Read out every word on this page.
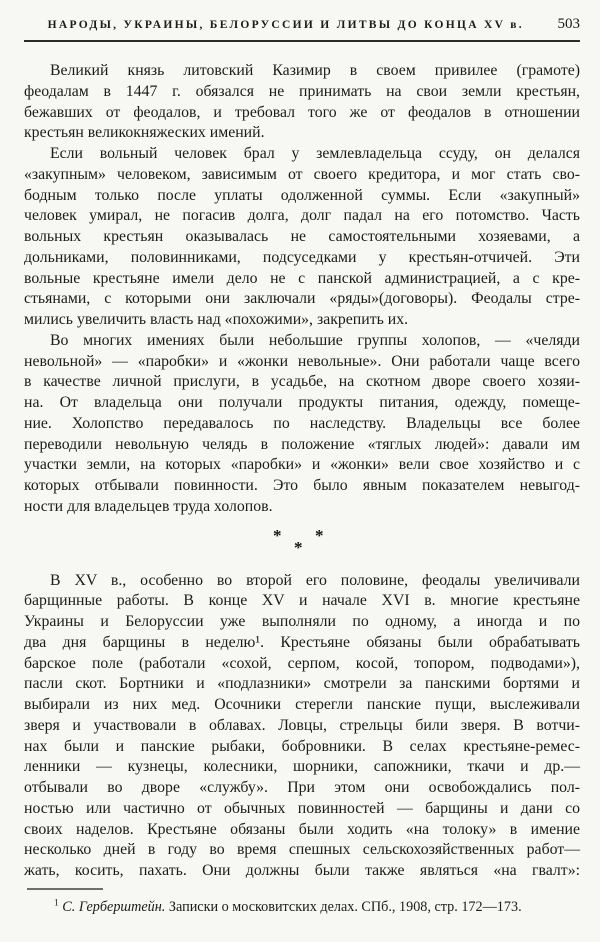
НАРОДЫ, УКРАИНЫ, БЕЛОРУССИИ И ЛИТВЫ ДО КОНЦА XV в.	503
Великий князь литовский Казимир в своем привилее (грамоте)
феодалам в 1447 г. обязался не принимать на свои земли крестьян,
бежавших от феодалов, и требовал того же от феодалов в отношении
крестьян великокняжеских имений.
Если вольный человек брал у землевладельца ссуду, он делался
«закупным» человеком, зависимым от своего кредитора, и мог стать сво-
бодным только после уплаты одолженной суммы. Если «закупный»
человек умирал, не погасив долга, долг падал на его потомство. Часть
вольных крестьян оказывалась не самостоятельными хозяевами, а
дольниками, половинниками, подсуседками у крестьян-отчичей. Эти
вольные крестьяне имели дело не с панской администрацией, а с кре-
стьянами, с которыми они заключали «ряды»(договоры). Феодалы стре-
мились увеличить власть над «похожими», закрепить их.
Во многих имениях были небольшие группы холопов, — «челяди
невольной» — «паробки» и «жонки невольные». Они работали чаще всего
в качестве личной прислуги, в усадьбе, на скотном дворе своего хозяи-
на. От владельца они получали продукты питания, одежду, помеще-
ние. Холопство передавалось по наследству. Владельцы все более
переводили невольную челядь в положение «тяглых людей»: давали им
участки земли, на которых «паробки» и «жонки» вели свое хозяйство и с
которых отбывали повинности. Это было явным показателем невыгод-
ности для владельцев труда холопов.
В XV в., особенно во второй его половине, феодалы увеличивали
барщинные работы. В конце XV и начале XVI в. многие крестьяне
Украины и Белоруссии уже выполняли по одному, а иногда и по
два дня барщины в неделю¹. Крестьяне обязаны были обрабатывать
барское поле (работали «сохой, серпом, косой, топором, подводами»),
пасли скот. Бортники и «подлазники» смотрели за панскими бортями и
выбирали из них мед. Осочники стерегли панские пущи, выслеживали
зверя и участвовали в облавах. Ловцы, стрельцы били зверя. В вотчи-
нах были и панские рыбаки, бобровники. В селах крестьяне-ремес-
ленники — кузнецы, колесники, шорники, сапожники, ткачи и др.—
отбывали во дворе «службу». При этом они освобождались пол-
ностью или частично от обычных повинностей — барщины и дани со
своих наделов. Крестьяне обязаны были ходить «на толоку» в имение
несколько дней в году во время спешных сельскохозяйственных работ—
жать, косить, пахать. Они должны были также являться «на гвалт»:
*
*
*
$^1$ С. Герберштейн. Записки о московитских делах. СПб., 1908, стр. 172—173.
